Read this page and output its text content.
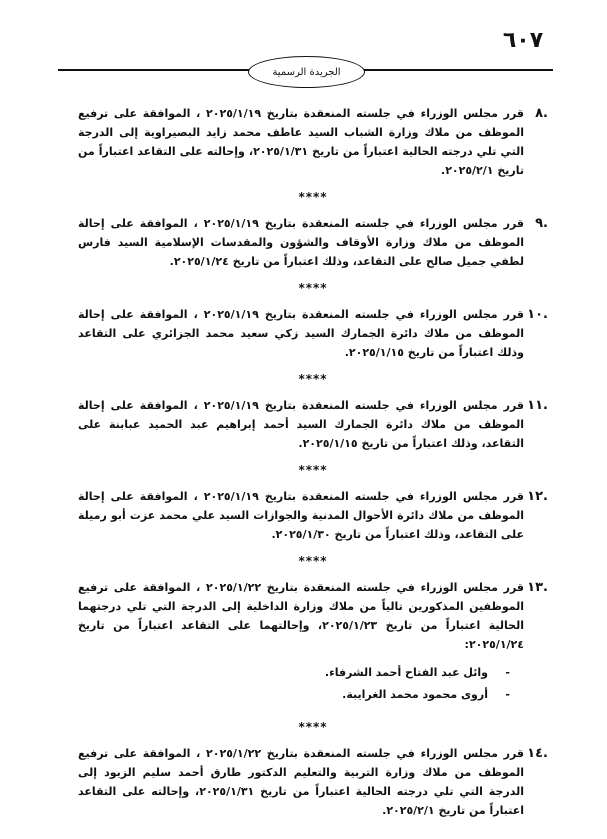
٦٠٧
الجريدة الرسمية
.٨

قرر مجلس الوزراء في جلسته المنعقدة بتاريخ ٢٠٢٥/١/١٩ ، الموافقة على ترفيع الموظف من ملاك وزارة الشباب السيد عاطف محمد زايد البصيراوية إلى الدرجة التي تلي درجته الحالية اعتباراً من تاريخ ٢٠٢٥/١/٣١، وإحالته على التقاعد اعتباراً من تاريخ ٢٠٢٥/٢/١.

****
.٩

قرر مجلس الوزراء في جلسته المنعقدة بتاريخ ٢٠٢٥/١/١٩ ، الموافقة على إحالة الموظف من ملاك وزارة الأوقاف والشؤون والمقدسات الإسلامية السيد فارس لطفي جميل صالح على التقاعد، وذلك اعتباراً من تاريخ ٢٠٢٥/١/٢٤.

****
.١٠

قرر مجلس الوزراء في جلسته المنعقدة بتاريخ ٢٠٢٥/١/١٩ ، الموافقة على إحالة الموظف من ملاك دائرة الجمارك السيد زكي سعيد محمد الجزائري على التقاعد وذلك اعتباراً من تاريخ ٢٠٢٥/١/١٥.

****
.١١

قرر مجلس الوزراء في جلسته المنعقدة بتاريخ ٢٠٢٥/١/١٩ ، الموافقة على إحالة الموظف من ملاك دائرة الجمارك السيد أحمد إبراهيم عبد الحميد عبابنة على التقاعد، وذلك اعتباراً من تاريخ ٢٠٢٥/١/١٥.

****
.١٢

قرر مجلس الوزراء في جلسته المنعقدة بتاريخ ٢٠٢٥/١/١٩ ، الموافقة على إحالة الموظف من ملاك دائرة الأحوال المدنية والجوازات السيد علي محمد عزت أبو رميلة على التقاعد، وذلك اعتباراً من تاريخ ٢٠٢٥/١/٣٠.

****
.١٣

قرر مجلس الوزراء في جلسته المنعقدة بتاريخ ٢٠٢٥/١/٢٢ ، الموافقة على ترفيع الموظفين المذكورين تالياً من ملاك وزارة الداخلية إلى الدرجة التي تلي درجتهما الحالية اعتباراً من تاريخ ٢٠٢٥/١/٢٣، وإحالتهما على التقاعد اعتباراً من تاريخ ٢٠٢٥/١/٢٤:

-
وائل عبد الفتاح أحمد الشرفاء.
-
أروى محمود محمد الغرايبة.
****
.١٤

قرر مجلس الوزراء في جلسته المنعقدة بتاريخ ٢٠٢٥/١/٢٢ ، الموافقة على ترفيع الموظف من ملاك وزارة التربية والتعليم الدكتور طارق أحمد سليم الزيود إلى الدرجة التي تلي درجته الحالية اعتباراً من تاريخ ٢٠٢٥/١/٣١، وإحالته على التقاعد اعتباراً من تاريخ ٢٠٢٥/٢/١.
